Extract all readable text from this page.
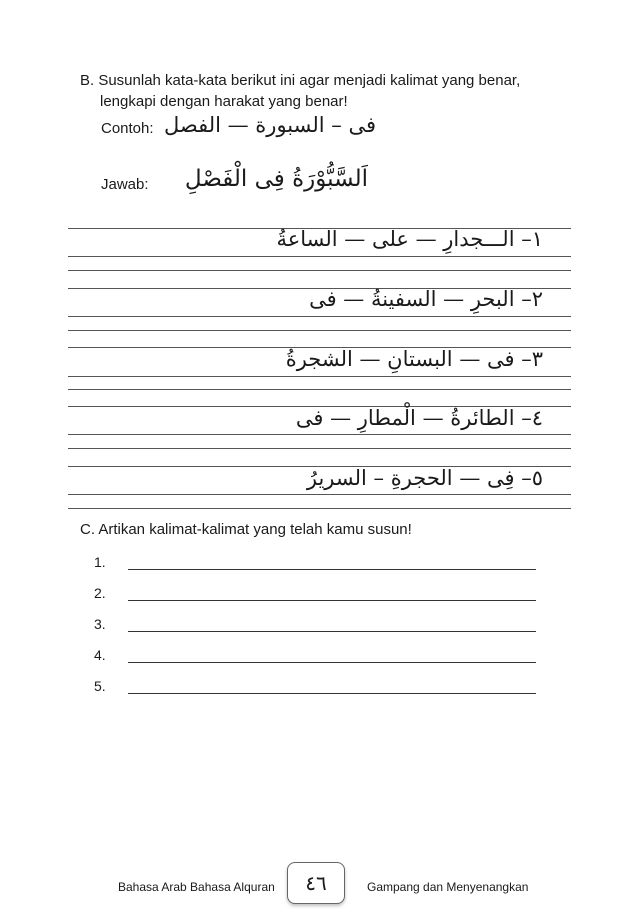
B. Susunlah kata-kata berikut ini agar menjadi kalimat yang benar,
lengkapi dengan harakat yang benar!
Contoh: فى – السبورة — الفصل
Jawab: اَلسَّبُّوْرَةُ فِى الْفَصْلِ
١– الـــجدارِ — على — الساعةُ
٢– البحرِ — السفينةُ — فى
٣– فى — البستانِ — الشجرةُ
٤– الطائرةُ — الْمطارِ — فى
٥– فِى — الحجرةِ – السريرُ
C. Artikan kalimat-kalimat yang telah kamu susun!
1.
2.
3.
4.
5.
Bahasa Arab Bahasa Alquran ٤٦	Gampang dan Menyenangkan
